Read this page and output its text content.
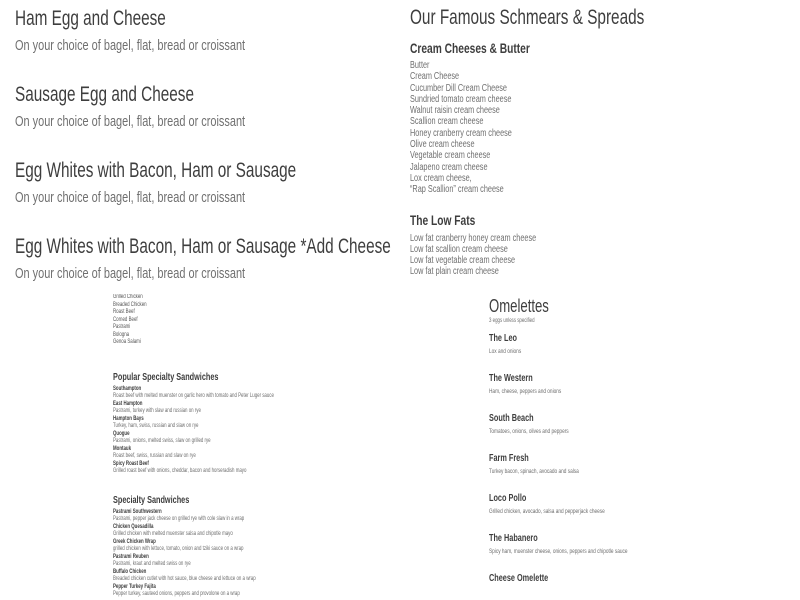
Ham Egg and Cheese

On your choice of bagel, flat, bread or croissant

Sausage Egg and Cheese

On your choice of bagel, flat, bread or croissant

Egg Whites with Bacon, Ham or Sausage

On your choice of bagel, flat, bread or croissant

Egg Whites with Bacon, Ham or Sausage *Add Cheese

On your choice of bagel, flat, bread or croissant

Grilled Chicken
Breaded Chicken
Roast Beef
Corned Beef
Pastrami
Bologna
Genoa Salami
Popular Specialty Sandwiches
Southampton
Roast beef with melted muenster on garlic hero with tomato and Peter Luger sauce
East Hampton
Pastrami, turkey with slaw and russian on rye
Hampton Bays
Turkey, ham, swiss, russian and slaw on rye
Quogue
Pastrami, onions, melted swiss, slaw on grilled rye
Montauk
Roast beef, swiss, russian and slaw on rye
Spicy Roast Beef
Grilled roast beef with onions, cheddar, bacon and horseradish mayo
Specialty Sandwiches
Pastrami Southwestern
Pastrami, pepper jack cheese on grilled rye with cole slaw in a wrap
Chicken Quesadilla
Grilled chicken with melted muenster salsa and chipotle mayo
Greek Chicken Wrap
grilled chicken with lettuce, tomato, onion and tziki sauce on a wrap
Pastrami Reuben
Pastrami, kraut and melted swiss on rye
Buffalo Chicken
Breaded chicken cutlet with hot sauce, blue cheese and lettuce on a wrap
Pepper Turkey Fajita
Pepper turkey, sauteed onions, peppers and provolone on a wrap
Our Famous Schmears & Spreads
Cream Cheeses & Butter
Butter
Cream Cheese
Cucumber Dill Cream Cheese
Sundried tomato cream cheese
Walnut raisin cream cheese
Scallion cream cheese
Honey cranberry cream cheese
Olive cream cheese
Vegetable cream cheese
Jalapeno cream cheese
Lox cream cheese,
“Rap Scallion” cream cheese
The Low Fats
Low fat cranberry honey cream cheese
Low fat scallion cream cheese
Low fat vegetable cream cheese
Low fat plain cream cheese
Omelettes
3 eggs unless specified
The Leo
Lox and onions
The Western
Ham, cheese, peppers and onions
South Beach
Tomatoes, onions, olives and peppers
Farm Fresh
Turkey bacon, spinach, avocado and salsa
Loco Pollo
Grilled chicken, avocado, salsa and pepperjack cheese
The Habanero
Spicy ham, muenster cheese, onions, peppers and chipotle sauce
Cheese Omelette
